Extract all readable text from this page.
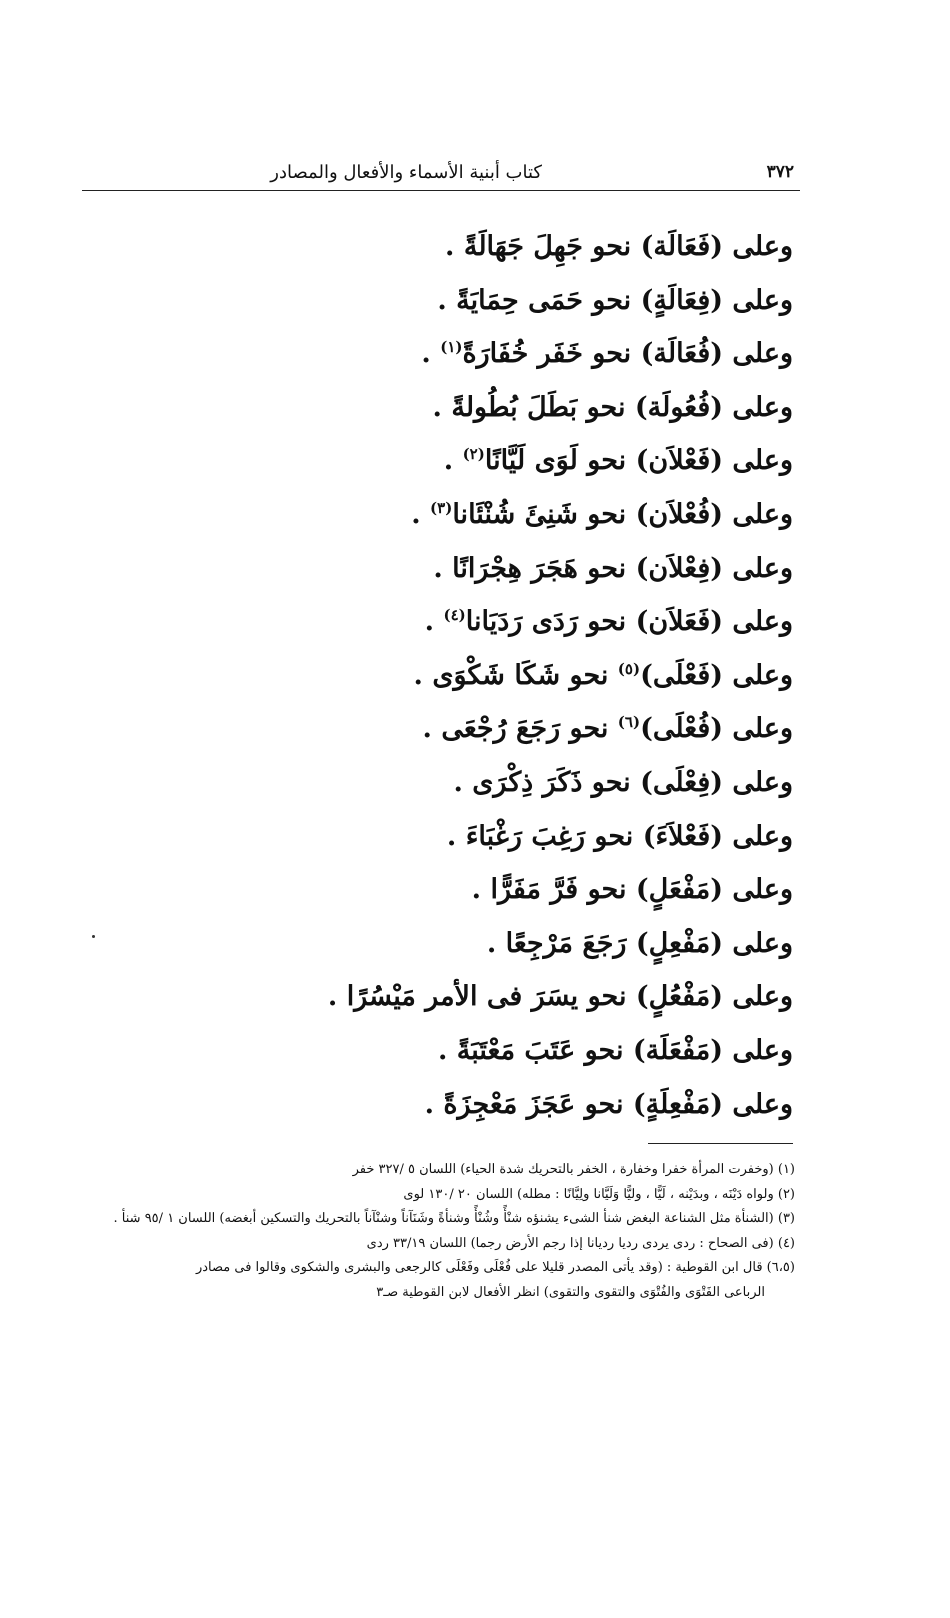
٣٧٢
كتاب أبنية الأسماء والأفعال والمصادر
وعلى (فَعَالَة) نحو جَهِلَ جَهَالَةً .
وعلى (فِعَالَةٍ) نحو حَمَى حِمَايَةً .
وعلى (فُعَالَة) نحو خَفَر خُفَارَةً$^{(١)}$ .
وعلى (فُعُولَة) نحو بَطَلَ بُطُولةً .
وعلى (فَعْلاَن) نحو لَوَى لَيَّانًا$^{(٢)}$ .
وعلى (فُعْلاَن) نحو شَنِئَ شُنْئَانا$^{(٣)}$ .
وعلى (فِعْلاَن) نحو هَجَرَ هِجْرَانًا .
وعلى (فَعَلاَن) نحو رَدَى رَدَيَانا$^{(٤)}$ .
وعلى (فَعْلَى)$^{(٥)}$ نحو شَكَا شَكْوَى .
وعلى (فُعْلَى)$^{(٦)}$ نحو رَجَعَ رُجْعَى .
وعلى (فِعْلَى) نحو ذَكَرَ ذِكْرَى .
وعلى (فَعْلاَءَ) نحو رَغِبَ رَغْبَاءَ .
وعلى (مَفْعَلٍ) نحو فَرَّ مَفَرًّا .
وعلى (مَفْعِلٍ) رَجَعَ مَرْجِعًا .
وعلى (مَفْعُلٍ) نحو يسَرَ فى الأمر مَيْسُرًا .
وعلى (مَفْعَلَة) نحو عَتَبَ مَعْتَبَةً .
وعلى (مَفْعِلَةٍ) نحو عَجَزَ مَعْجِزَةً .
(١) (وخفرت المرأة خفرا وخفارة ، الخفر بالتحريك شدة الحياء) اللسان ٥ /٣٢٧ خفر
(٢) ولواه دَيْنَه ، وبدَيْنه ، لَيًّا ، وليًّا وَلَيَّانا ولِيَّانًا : مطله) اللسان ٢٠ /١٣٠ لوى
(٣) (الشنأة مثل الشناعة البغض شنأ الشىء يشنؤه شنْأً وشُنْأً وشنأةً وشَنَآناً وشنْآناً بالتحريك والتسكين أبغضه) اللسان ١ /٩٥ شنأ .
(٤) (فى الصحاح : ردى يردى رديا رديانا إذا رجم الأرض رجما) اللسان ٣٣/١٩ ردى
(٦،٥) قال ابن القوطية : (وقد يأتى المصدر قليلا على فُعْلَى وفَعْلَى كالرجعى والبشرى والشكوى وقالوا فى مصادر
الرباعى الفَتْوَى والفُتْوَى والتقوى والتقوى) انظر الأفعال لابن القوطية صـ٣
